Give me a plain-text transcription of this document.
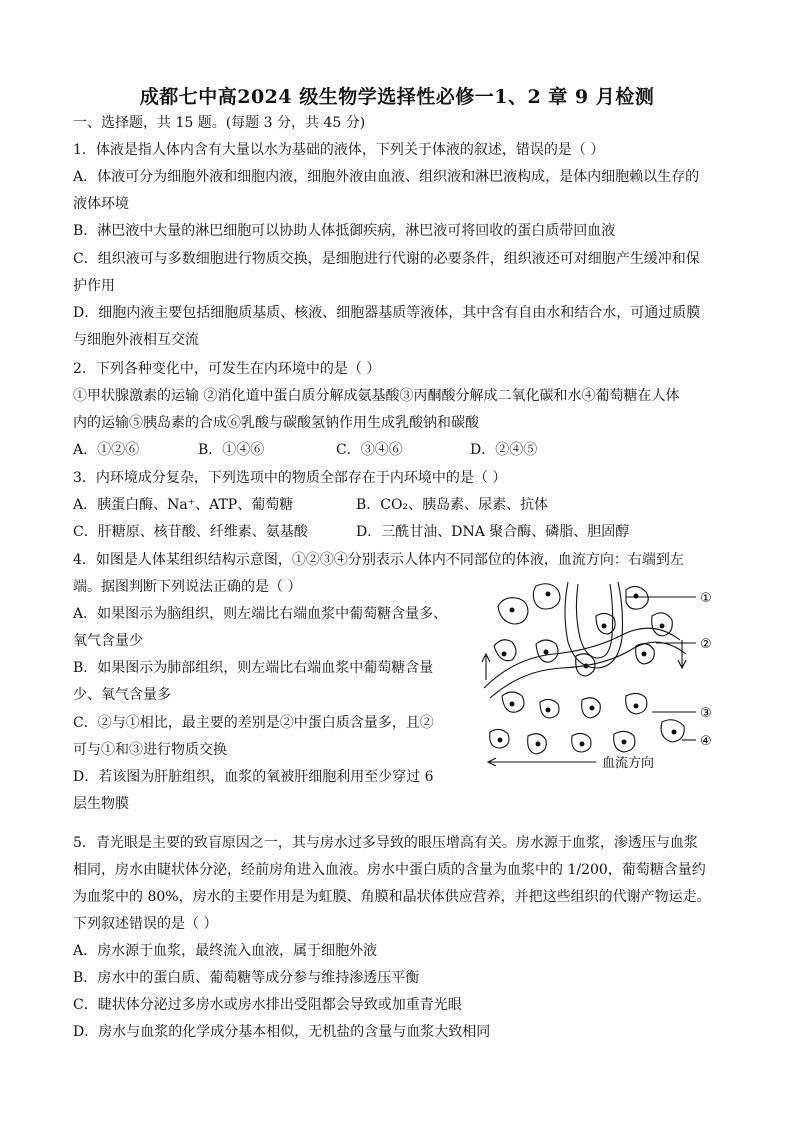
成都七中高2024 级生物学选择性必修一1、2 章 9 月检测
一、选择题，共 15 题。(每题 3 分，共 45 分)
1．体液是指人体内含有大量以水为基础的液体，下列关于体液的叙述，错误的是（ ）
A．体液可分为细胞外液和细胞内液，细胞外液由血液、组织液和淋巴液构成，是体内细胞赖以生存的
液体环境
B．淋巴液中大量的淋巴细胞可以协助人体抵御疾病，淋巴液可将回收的蛋白质带回血液
C．组织液可与多数细胞进行物质交换，是细胞进行代谢的必要条件，组织液还可对细胞产生缓冲和保
护作用
D．细胞内液主要包括细胞质基质、核液、细胞器基质等液体，其中含有自由水和结合水，可通过质膜
与细胞外液相互交流
2．下列各种变化中，可发生在内环境中的是（ ）
①甲状腺激素的运输 ②消化道中蛋白质分解成氨基酸③丙酮酸分解成二氧化碳和水④葡萄糖在人体
内的运输⑤胰岛素的合成⑥乳酸与碳酸氢钠作用生成乳酸钠和碳酸
A．①②⑥	B．①④⑥	C．③④⑥	D．②④⑤
3．内环境成分复杂，下列选项中的物质全部存在于内环境中的是（ ）
A．胰蛋白酶、Na⁺、ATP、葡萄糖	B．CO₂、胰岛素、尿素、抗体
C．肝糖原、核苷酸、纤维素、氨基酸	D．三酰甘油、DNA 聚合酶、磷脂、胆固醇
4．如图是人体某组织结构示意图，①②③④分别表示人体内不同部位的体液，血流方向：右端到左
端。据图判断下列说法正确的是（ ）
A．如果图示为脑组织，则左端比右端血浆中葡萄糖含量多、
氧气含量少
B．如果图示为肺部组织，则左端比右端血浆中葡萄糖含量
少、氧气含量多
C．②与①相比，最主要的差别是②中蛋白质含量多，且②
可与①和③进行物质交换
D．若该图为肝脏组织，血浆的氧被肝细胞利用至少穿过 6
层生物膜
①
②
③
④
血流方向
5．青光眼是主要的致盲原因之一，其与房水过多导致的眼压增高有关。房水源于血浆，渗透压与血浆
相同，房水由睫状体分泌，经前房角进入血液。房水中蛋白质的含量为血浆中的 1/200，葡萄糖含量约
为血浆中的 80%，房水的主要作用是为虹膜、角膜和晶状体供应营养，并把这些组织的代谢产物运走。
下列叙述错误的是（ ）
A．房水源于血浆，最终流入血液，属于细胞外液
B．房水中的蛋白质、葡萄糖等成分参与维持渗透压平衡
C．睫状体分泌过多房水或房水排出受阻都会导致或加重青光眼
D．房水与血浆的化学成分基本相似，无机盐的含量与血浆大致相同
